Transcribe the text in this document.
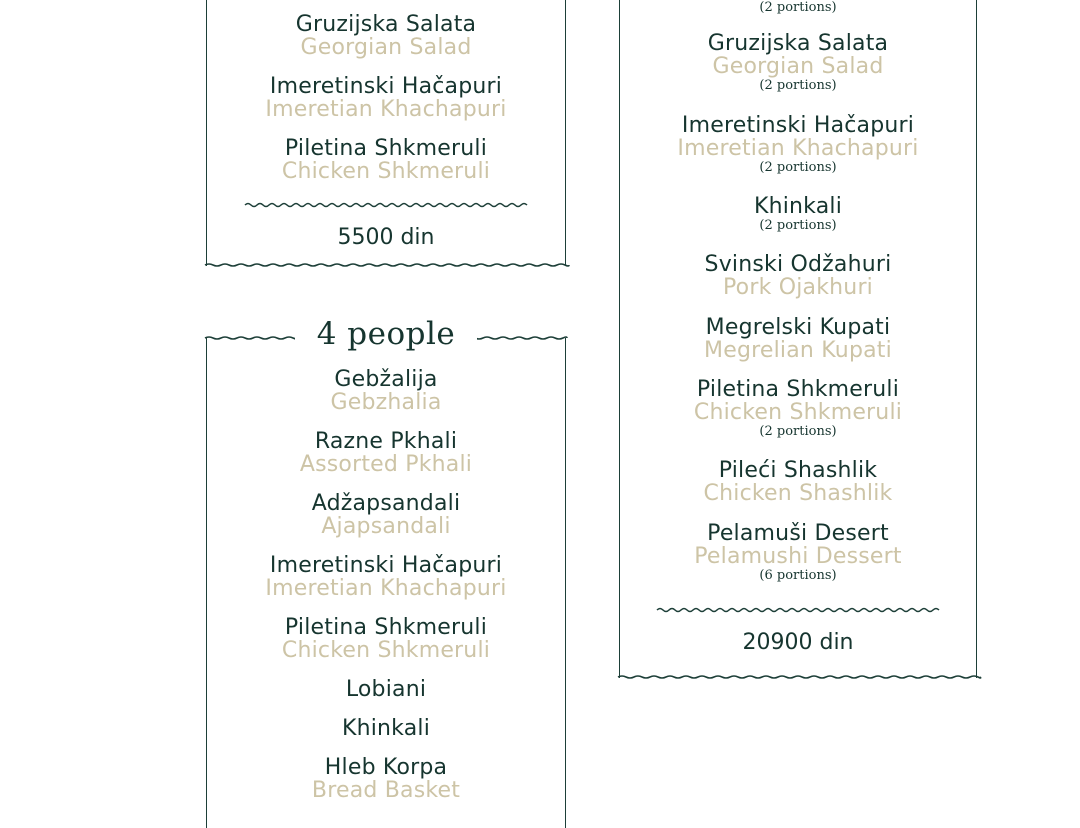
Gruzijska Salata
Georgian Salad
Imeretinski Hačapuri
Imeretian Khachapuri
Piletina Shkmeruli
Chicken Shkmeruli
5500 din
4 people
Gebžalija
Gebzhalia
Razne Pkhali
Assorted Pkhali
Adžapsandali
Ajapsandali
Imeretinski Hačapuri
Imeretian Khachapuri
Piletina Shkmeruli
Chicken Shkmeruli
Lobiani
Khinkali
Hleb Korpa
Bread Basket
(2 portions)
Gruzijska Salata
Georgian Salad
(2 portions)
Imeretinski Hačapuri
Imeretian Khachapuri
(2 portions)
Khinkali
(2 portions)
Svinski Odžahuri
Pork Ojakhuri
Megrelski Kupati
Megrelian Kupati
Piletina Shkmeruli
Chicken Shkmeruli
(2 portions)
Pileći Shashlik
Chicken Shashlik
Pelamuši Desert
Pelamushi Dessert
(6 portions)
20900 din
